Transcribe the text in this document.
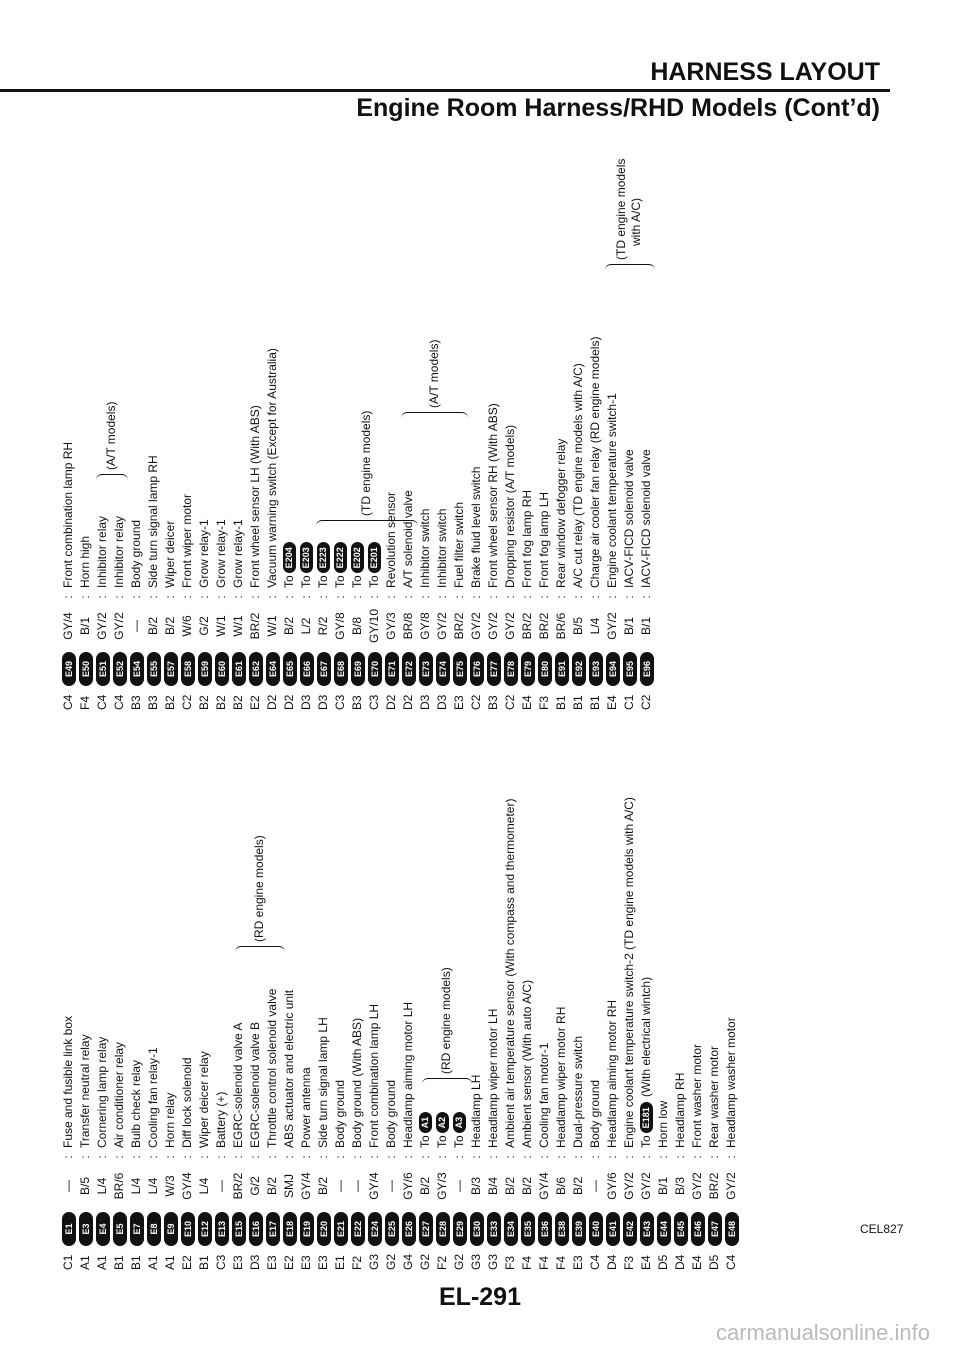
HARNESS LAYOUT
Engine Room Harness/RHD Models (Cont’d)
C1
E1
—
:
Fuse and fusible link box
A1
E3
B/5
:
Transfer neutral relay
A1
E4
L/4
:
Cornering lamp relay
B1
E5
BR/6
:
Air conditioner relay
B1
E7
L/4
:
Bulb check relay
A1
E8
L/4
:
Cooling fan relay-1
A1
E9
W/3
:
Horn relay
E2
E10
GY/4
:
Diff lock solenoid
B1
E12
L/4
:
Wiper deicer relay
C3
E13
—
:
Battery (+)
E3
E15
BR/2
:
EGRC-solenoid valve A
D3
E16
G/2
:
EGRC-solenoid valve B
E3
E17
B/2
:
Throttle control solenoid valve
E2
E18
SMJ
:
ABS actuator and electric unit
E3
E19
GY/4
:
Power antenna
E3
E20
B/2
:
Side turn signal lamp LH
E1
E21
—
:
Body ground
F2
E22
—
:
Body ground (With ABS)
G3
E24
GY/4
:
Front combination lamp LH
G2
E25
—
:
Body ground
G4
E26
GY/6
:
Headlamp aiming motor LH
G2
E27
B/2
:
ToA1
F2
E28
GY/3
:
ToA2
G2
E29
—
:
ToA3
G3
E30
B/3
:
Headlamp LH
G3
E33
B/4
:
Headlamp wiper motor LH
F3
E34
B/2
:
Ambient air temperature sensor (With compass and thermometer)
F4
E35
B/2
:
Ambient sensor (With auto A/C)
F4
E36
GY/4
:
Cooling fan motor-1
F4
E38
B/6
:
Headlamp wiper motor RH
E3
E39
B/2
:
Dual-pressure switch
C4
E40
—
:
Body ground
D4
E41
GY/6
:
Headlamp aiming motor RH
F3
E42
GY/2
:
Engine coolant temperature switch-2 (TD engine models with A/C)
E4
E43
GY/2
:
ToE181 (With electrical wintch)
D5
E44
B/1
:
Horn low
D4
E45
B/3
:
Headlamp RH
E4
E46
GY/2
:
Front washer motor
D5
E47
BR/2
:
Rear washer motor
C4
E48
GY/2
:
Headlamp washer motor
C4
E49
GY/4
:
Front combination lamp RH
F4
E50
B/1
:
Horn high
C4
E51
GY/2
:
Inhibitor relay
C4
E52
GY/2
:
Inhibitor relay
B3
E54
—
:
Body ground
B3
E55
B/2
:
Side turn signal lamp RH
B2
E57
B/2
:
Wiper deicer
C2
E58
W/6
:
Front wiper motor
B2
E59
G/2
:
Grow relay-1
B2
E60
W/1
:
Grow relay-1
B2
E61
W/1
:
Grow relay-1
E2
E62
BR/2
:
Front wheel sensor LH (With ABS)
D2
E64
W/1
:
Vacuum warning switch (Except for Australia)
D2
E65
B/2
:
ToE204
D3
E66
L/2
:
ToE203
D3
E67
R/2
:
ToE223
C3
E68
GY/8
:
ToE222
B3
E69
B/8
:
ToE202
C3
E70
GY/10
:
ToE201
D2
E71
GY/3
:
Revolution sensor
D2
E72
BR/8
:
A/T solenoid valve
D3
E73
GY/8
:
Inhibitor switch
D3
E74
GY/2
:
Inhibitor switch
E3
E75
BR/2
:
Fuel filter switch
C2
E76
GY/2
:
Brake fluid level switch
B3
E77
GY/2
:
Front wheel sensor RH (With ABS)
C2
E78
GY/2
:
Dropping resistor (A/T models)
E4
E79
BR/2
:
Front fog lamp RH
F3
E80
BR/2
:
Front fog lamp LH
B1
E91
BR/6
:
Rear window defogger relay
B1
E92
B/5
:
A/C cut relay (TD engine models with A/C)
B1
E93
L/4
:
Charge air cooler fan relay (RD engine models)
E4
E94
GY/2
:
Engine coolant temperature switch-1
C1
E95
B/1
:
IACV-FICD solenoid valve
C2
E96
B/1
:
IACV-FICD solenoid valve
(RD engine models)
(RD engine models)
(A/T models)	(TD engine models)
(A/T models)
(TD engine models with A/C)
CEL827
EL-291
carmanualsonline.info
